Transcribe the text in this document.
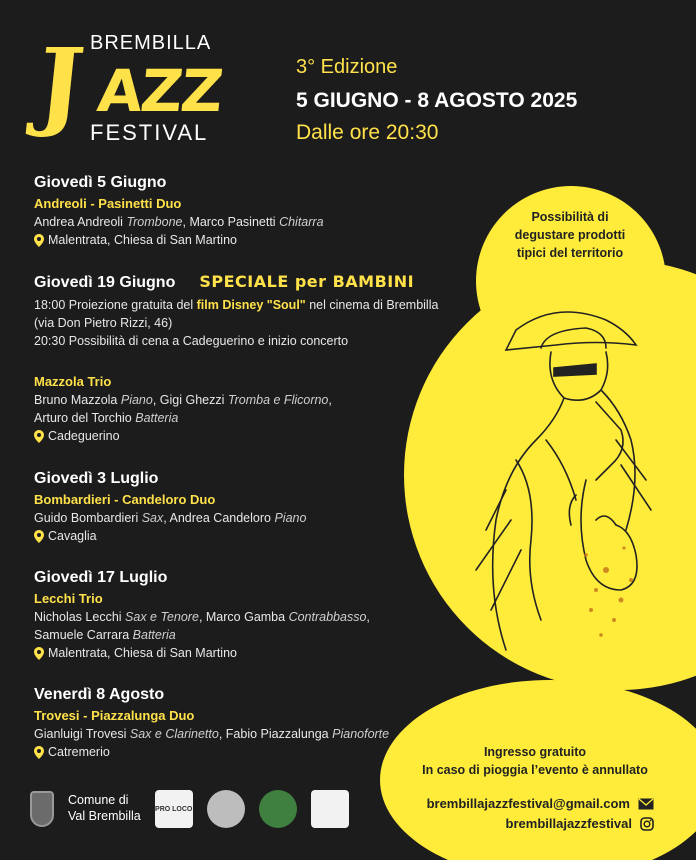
BREMBILLA
J AZZ
FESTIVAL
3° Edizione
5 GIUGNO - 8 AGOSTO 2025
Dalle ore 20:30
Giovedì 5 Giugno
Andreoli - Pasinetti Duo
Andrea Andreoli Trombone, Marco Pasinetti Chitarra
Malentrata, Chiesa di San Martino
Giovedì 19 Giugno SPECIALE per BAMBINI
18:00 Proiezione gratuita del film Disney "Soul" nel cinema di Brembilla
(via Don Pietro Rizzi, 46)
20:30 Possibilità di cena a Cadeguerino e inizio concerto
Mazzola Trio
Bruno Mazzola Piano, Gigi Ghezzi Tromba e Flicorno,
Arturo del Torchio Batteria
Cadeguerino
Giovedì 3 Luglio
Bombardieri - Candeloro Duo
Guido Bombardieri Sax, Andrea Candeloro Piano
Cavaglia
Giovedì 17 Luglio
Lecchi Trio
Nicholas Lecchi Sax e Tenore, Marco Gamba Contrabbasso,
Samuele Carrara Batteria
Malentrata, Chiesa di San Martino
Venerdì 8 Agosto
Trovesi - Piazzalunga Duo
Gianluigi Trovesi Sax e Clarinetto, Fabio Piazzalunga Pianoforte
Catremerio
Possibilità di
degustare prodotti
tipici del territorio
Ingresso gratuito
In caso di pioggia l’evento è annullato
brembillajazzfestival@gmail.com
brembillajazzfestival
Comune di
Val Brembilla PRO LOCO
